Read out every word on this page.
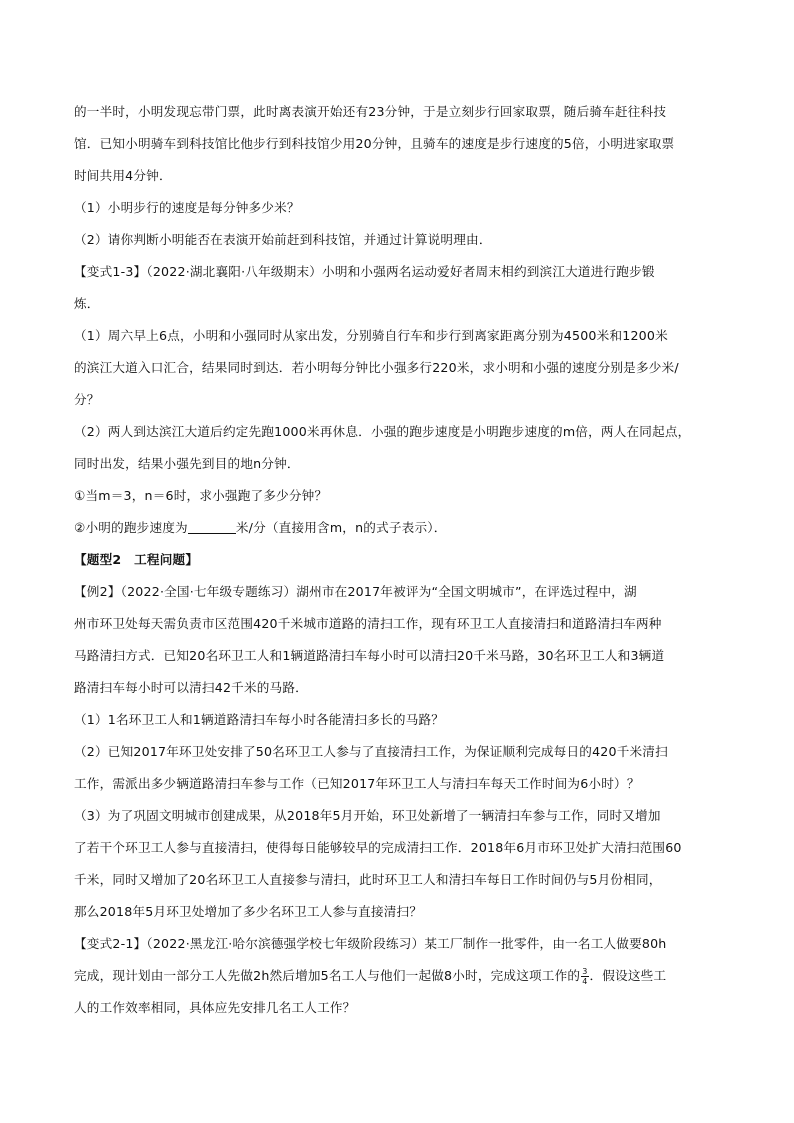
的一半时，小明发现忘带门票，此时离表演开始还有23分钟，于是立刻步行回家取票，随后骑车赶往科技
馆．已知小明骑车到科技馆比他步行到科技馆少用20分钟，且骑车的速度是步行速度的5倍，小明进家取票
时间共用4分钟．
（1）小明步行的速度是每分钟多少米？
（2）请你判断小明能否在表演开始前赶到科技馆，并通过计算说明理由．
【变式1-3】（2022·湖北襄阳·八年级期末）小明和小强两名运动爱好者周末相约到滨江大道进行跑步锻
炼．
（1）周六早上6点，小明和小强同时从家出发，分别骑自行车和步行到离家距离分别为4500米和1200米
的滨江大道入口汇合，结果同时到达．若小明每分钟比小强多行220米，求小明和小强的速度分别是多少米/
分？
（2）两人到达滨江大道后约定先跑1000米再休息．小强的跑步速度是小明跑步速度的m倍，两人在同起点，
同时出发，结果小强先到目的地n分钟．
①当m＝3，n＝6时，求小强跑了多少分钟？
②小明的跑步速度为	米/分（直接用含m，n的式子表示）．
【题型2　工程问题】
【例2】（2022·全国·七年级专题练习）湖州市在2017年被评为“全国文明城市”，在评选过程中，湖
州市环卫处每天需负责市区范围420千米城市道路的清扫工作，现有环卫工人直接清扫和道路清扫车两种
马路清扫方式．已知20名环卫工人和1辆道路清扫车每小时可以清扫20千米马路，30名环卫工人和3辆道
路清扫车每小时可以清扫42千米的马路．
（1）1名环卫工人和1辆道路清扫车每小时各能清扫多长的马路？
（2）已知2017年环卫处安排了50名环卫工人参与了直接清扫工作，为保证顺利完成每日的420千米清扫
工作，需派出多少辆道路清扫车参与工作（已知2017年环卫工人与清扫车每天工作时间为6小时）？
（3）为了巩固文明城市创建成果，从2018年5月开始，环卫处新增了一辆清扫车参与工作，同时又增加
了若干个环卫工人参与直接清扫，使得每日能够较早的完成清扫工作．2018年6月市环卫处扩大清扫范围60
千米，同时又增加了20名环卫工人直接参与清扫，此时环卫工人和清扫车每日工作时间仍与5月份相同，
那么2018年5月环卫处增加了多少名环卫工人参与直接清扫？
【变式2-1】（2022·黑龙江·哈尔滨德强学校七年级阶段练习）某工厂制作一批零件，由一名工人做要80h
完成，现计划由一部分工人先做2h然后增加5名工人与他们一起做8小时，完成这项工作的 $\frac{3}{4}$ ．假设这些工
人的工作效率相同，具体应先安排几名工人工作？
